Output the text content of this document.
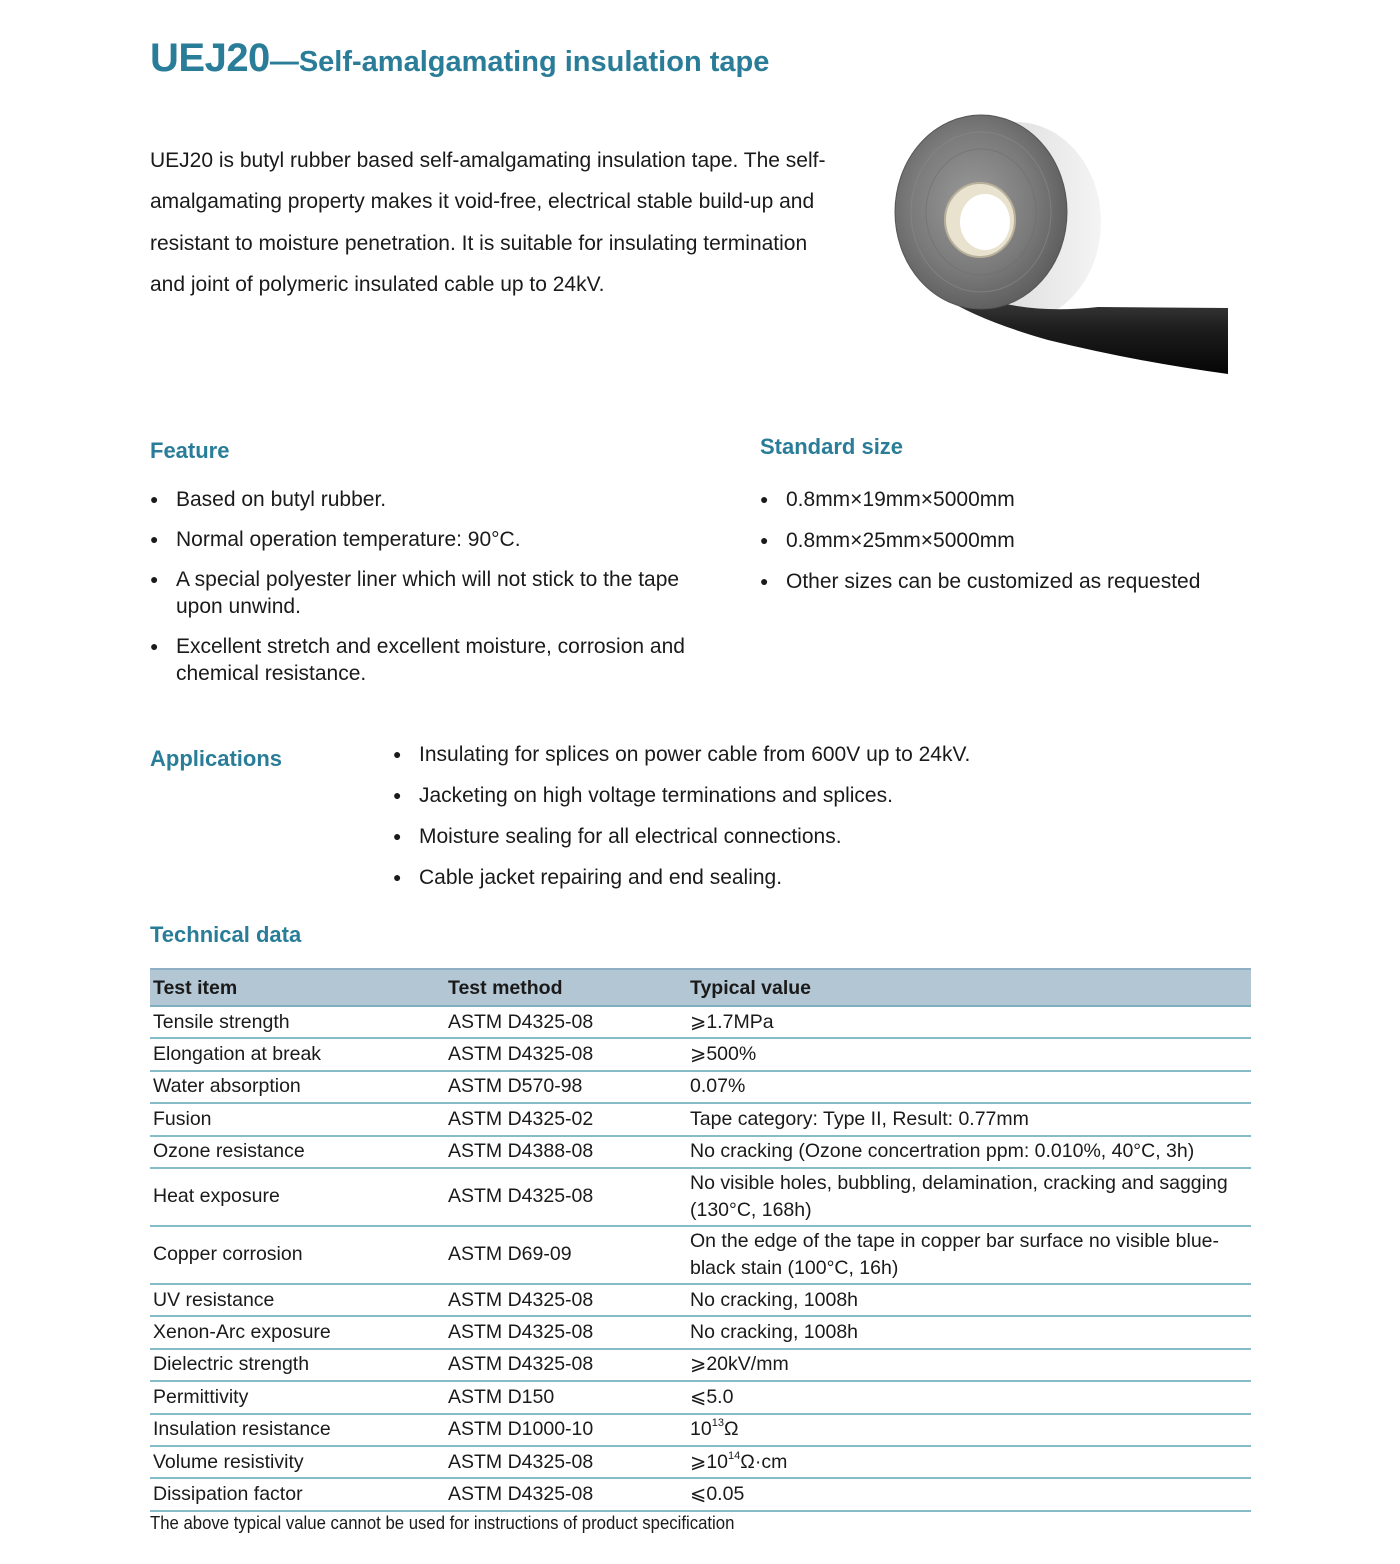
UEJ20—Self-amalgamating insulation tape

UEJ20 is butyl rubber based self-amalgamating insulation tape. The self-amalgamating property makes it void-free, electrical stable build-up and resistant to moisture penetration. It is suitable for insulating termination and joint of polymeric insulated cable up to 24kV.

Feature
● Based on butyl rubber.
● Normal operation temperature: 90°C.
● A special polyester liner which will not stick to the tape upon unwind.
● Excellent stretch and excellent moisture, corrosion and chemical resistance.
Standard size
● 0.8mm×19mm×5000mm
● 0.8mm×25mm×5000mm
● Other sizes can be customized as requested
Applications	● Insulating for splices on power cable from 600V up to 24kV.
● Jacketing on high voltage terminations and splices.
● Moisture sealing for all electrical connections.
● Cable jacket repairing and end sealing.
Technical data
Test item	Test method	Typical value
Tensile strength	ASTM D4325-08	⩾1.7MPa
Elongation at break	ASTM D4325-08	⩾500%
Water absorption	ASTM D570-98	0.07%
Fusion	ASTM D4325-02	Tape category: Type II, Result: 0.77mm
Ozone resistance	ASTM D4388-08	No cracking (Ozone concertration ppm: 0.010%, 40°C, 3h)
Heat exposure	ASTM D4325-08	No visible holes, bubbling, delamination, cracking and sagging (130°C, 168h)
Copper corrosion	ASTM D69-09	On the edge of the tape in copper bar surface no visible blue-black stain (100°C, 16h)
UV resistance	ASTM D4325-08	No cracking, 1008h
Xenon-Arc exposure	ASTM D4325-08	No cracking, 1008h
Dielectric strength	ASTM D4325-08	⩾20kV/mm
Permittivity	ASTM D150	⩽5.0
Insulation resistance	ASTM D1000-10	$10^{13}\Omega$
Volume resistivity	ASTM D4325-08	$⩾10^{14}\Omega\cdot cm$
Dissipation factor	ASTM D4325-08	⩽0.05
The above typical value cannot be used for instructions of product specification
